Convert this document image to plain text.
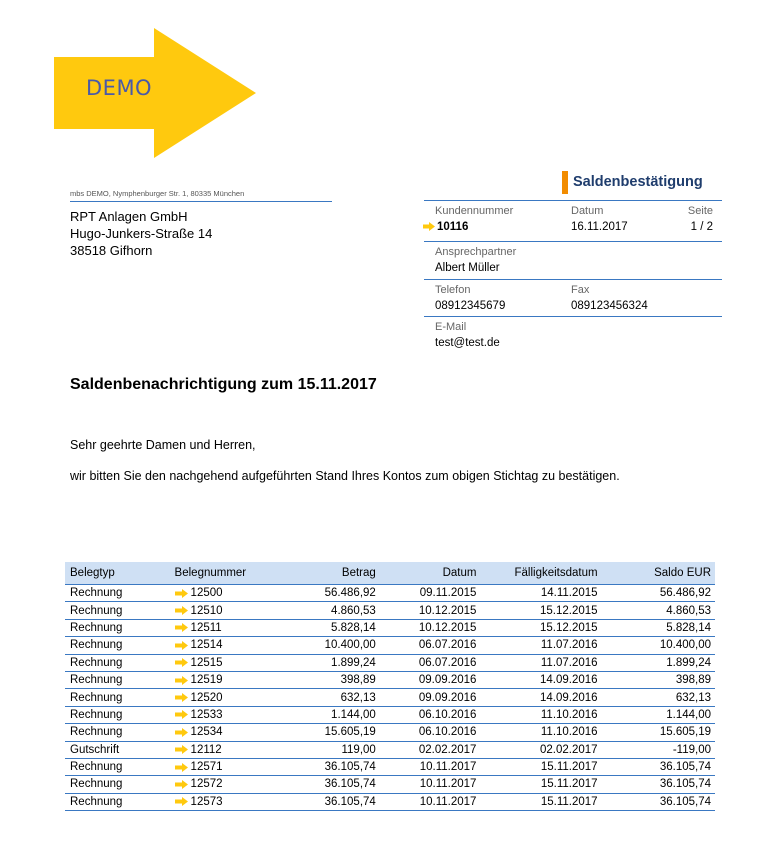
DEMO
mbs DEMO, Nymphenburger Str. 1, 80335 München
RPT Anlagen GmbH
Hugo-Junkers-Straße 14
38518 Gifhorn
Saldenbestätigung
Kundennummer
10116
Datum
16.11.2017
Seite
1 / 2
Ansprechpartner
Albert Müller
Telefon
08912345679
Fax
089123456324
E-Mail
test@test.de
Saldenbenachrichtigung zum 15.11.2017
Sehr geehrte Damen und Herren,
wir bitten Sie den nachgehend aufgeführten Stand Ihres Kontos zum obigen Stichtag zu bestätigen.
Belegtyp	Belegnummer	Betrag	Datum	Fälligkeitsdatum	Saldo EUR
Rechnung	12500	56.486,92	09.11.2015	14.11.2015	56.486,92
Rechnung	12510	4.860,53	10.12.2015	15.12.2015	4.860,53
Rechnung	12511	5.828,14	10.12.2015	15.12.2015	5.828,14
Rechnung	12514	10.400,00	06.07.2016	11.07.2016	10.400,00
Rechnung	12515	1.899,24	06.07.2016	11.07.2016	1.899,24
Rechnung	12519	398,89	09.09.2016	14.09.2016	398,89
Rechnung	12520	632,13	09.09.2016	14.09.2016	632,13
Rechnung	12533	1.144,00	06.10.2016	11.10.2016	1.144,00
Rechnung	12534	15.605,19	06.10.2016	11.10.2016	15.605,19
Gutschrift	12112	119,00	02.02.2017	02.02.2017	-119,00
Rechnung	12571	36.105,74	10.11.2017	15.11.2017	36.105,74
Rechnung	12572	36.105,74	10.11.2017	15.11.2017	36.105,74
Rechnung	12573	36.105,74	10.11.2017	15.11.2017	36.105,74
